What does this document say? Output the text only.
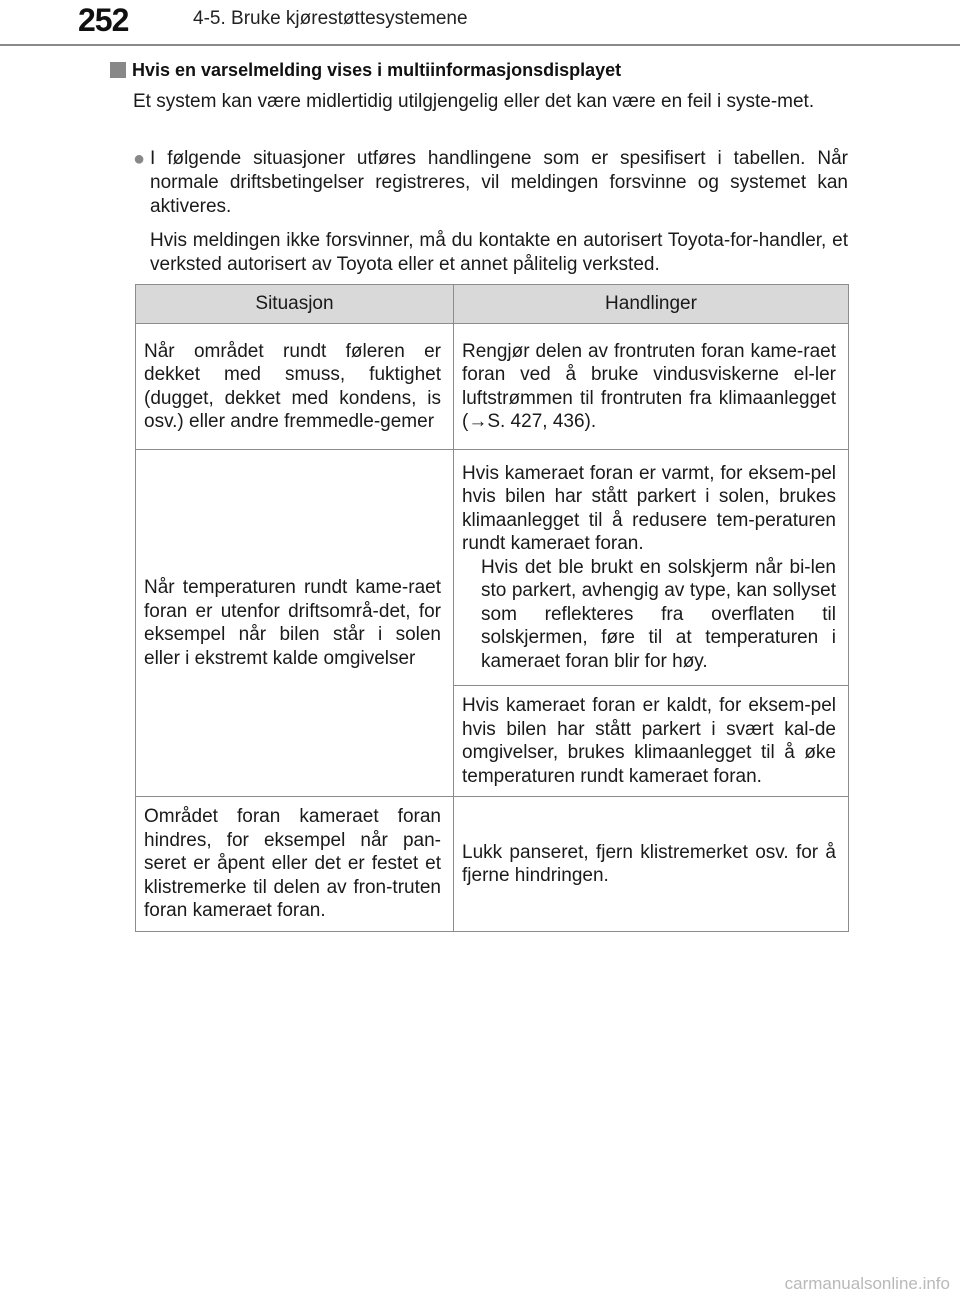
252	4-5. Bruke kjørestøttesystemene
Hvis en varselmelding vises i multiinformasjonsdisplayet
Et system kan være midlertidig utilgjengelig eller det kan være en feil i syste-met.
● I følgende situasjoner utføres handlingene som er spesifisert i tabellen. Når normale driftsbetingelser registreres, vil meldingen forsvinne og systemet kan aktiveres.
Hvis meldingen ikke forsvinner, må du kontakte en autorisert Toyota-for-handler, et verksted autorisert av Toyota eller et annet pålitelig verksted.
Situasjon	Handlinger
Når området rundt føleren er dekket med smuss, fuktighet (dugget, dekket med kondens, is osv.) eller andre fremmedle-gemer	Rengjør delen av frontruten foran kame-raet foran ved å bruke vindusviskerne el-ler luftstrømmen til frontruten fra klimaanlegget (→S. 427, 436).
Når temperaturen rundt kame-raet foran er utenfor driftsområ-det, for eksempel når bilen står i solen eller i ekstremt kalde omgivelser	Hvis kameraet foran er varmt, for eksem-pel hvis bilen har stått parkert i solen, brukes klimaanlegget til å redusere tem-peraturen rundt kameraet foran.
Hvis det ble brukt en solskjerm når bi-len sto parkert, avhengig av type, kan sollyset som reflekteres fra overflaten til solskjermen, føre til at temperaturen i kameraet foran blir for høy.

	Hvis kameraet foran er kaldt, for eksem-pel hvis bilen har stått parkert i svært kal-de omgivelser, brukes klimaanlegget til å øke temperaturen rundt kameraet foran.
Området foran kameraet foran hindres, for eksempel når pan-seret er åpent eller det er festet et klistremerke til delen av fron-truten foran kameraet foran.	Lukk panseret, fjern klistremerket osv. for å fjerne hindringen.
carmanualsonline.info
